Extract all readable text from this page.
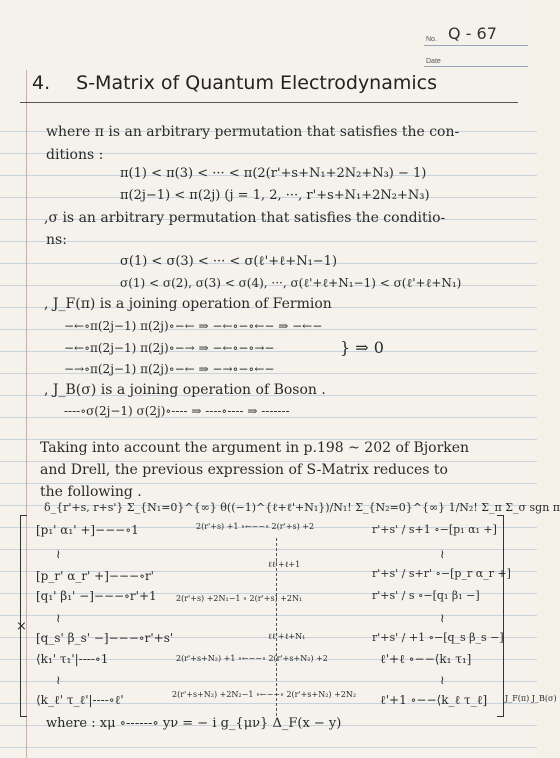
No. Q - 67
Date
4. S-Matrix of Quantum Electrodynamics
where π is an arbitrary permutation that satisfies the con-
ditions :
π(1) < π(3) < ··· < π(2(r'+s+N₁+2N₂+N₃) − 1)
π(2j−1) < π(2j) (j = 1, 2, ···, r'+s+N₁+2N₂+N₃)
,σ is an arbitrary permutation that satisfies the conditio-
ns:
σ(1) < σ(3) < ··· < σ(ℓ'+ℓ+N₁−1)
σ(1) < σ(2), σ(3) < σ(4), ···, σ(ℓ'+ℓ+N₁−1) < σ(ℓ'+ℓ+N₁)
, J_F(π) is a joining operation of Fermion
−←∘π(2j−1) π(2j)∘−← ⇒ −←∘−∘←− ⇒ −←−
−←∘π(2j−1) π(2j)∘−→ ⇒ −←∘−∘→−
−→∘π(2j−1) π(2j)∘−← ⇒ −→∘−∘←−
} ⇒ 0
, J_B(σ) is a joining operation of Boson .
----∘σ(2j−1) σ(2j)∘---- ⇒ ----∘---- ⇒ -------
Taking into account the argument in p.198 ~ 202 of Bjorken
and Drell, the previous expression of S-Matrix reduces to
the following .
δ_{r'+s, r+s'} Σ_{N₁=0}^{∞} θ((−1)^{ℓ+ℓ'+N₁})/N₁! Σ_{N₂=0}^{∞} 1/N₂! Σ_π Σ_σ sgn π
×
[p₁' α₁' +]−−−∘1
≀
[p_r' α_r' +]−−−∘r'
[q₁' β₁' −]−−−∘r'+1
≀
[q_s' β_s' −]−−−∘r'+s'
⟨k₁' τ₁'|----∘1
≀
⟨k_ℓ' τ_ℓ'|----∘ℓ'
2(r'+s) +1 ∘←−−∘ 2(r'+s) +2
ℓℓ'+ℓ+1
2(r'+s) +2N₁−1 ∘ 2(r'+s) +2N₁
ℓℓ'+ℓ+N₁
2(r'+s+N₂) +1 ∘←−−∘ 2(r'+s+N₂) +2
2(r'+s+N₂) +2N₂−1 ∘←−−∘ 2(r'+s+N₂) +2N₂
r'+s' / s+1 ∘−[p₁ α₁ +]
≀
r'+s' / s+r' ∘−[p_r α_r +]
r'+s' / s ∘−[q₁ β₁ −]
≀
r'+s' / +1 ∘−[q_s β_s −]
ℓ'+ℓ ∘−−⟨k₁ τ₁]
≀
ℓ'+1 ∘−−⟨k_ℓ τ_ℓ] J_F(π) J_B(σ)
where : xμ ∘------∘ yν = − i g_{μν} Δ_F(x − y)
